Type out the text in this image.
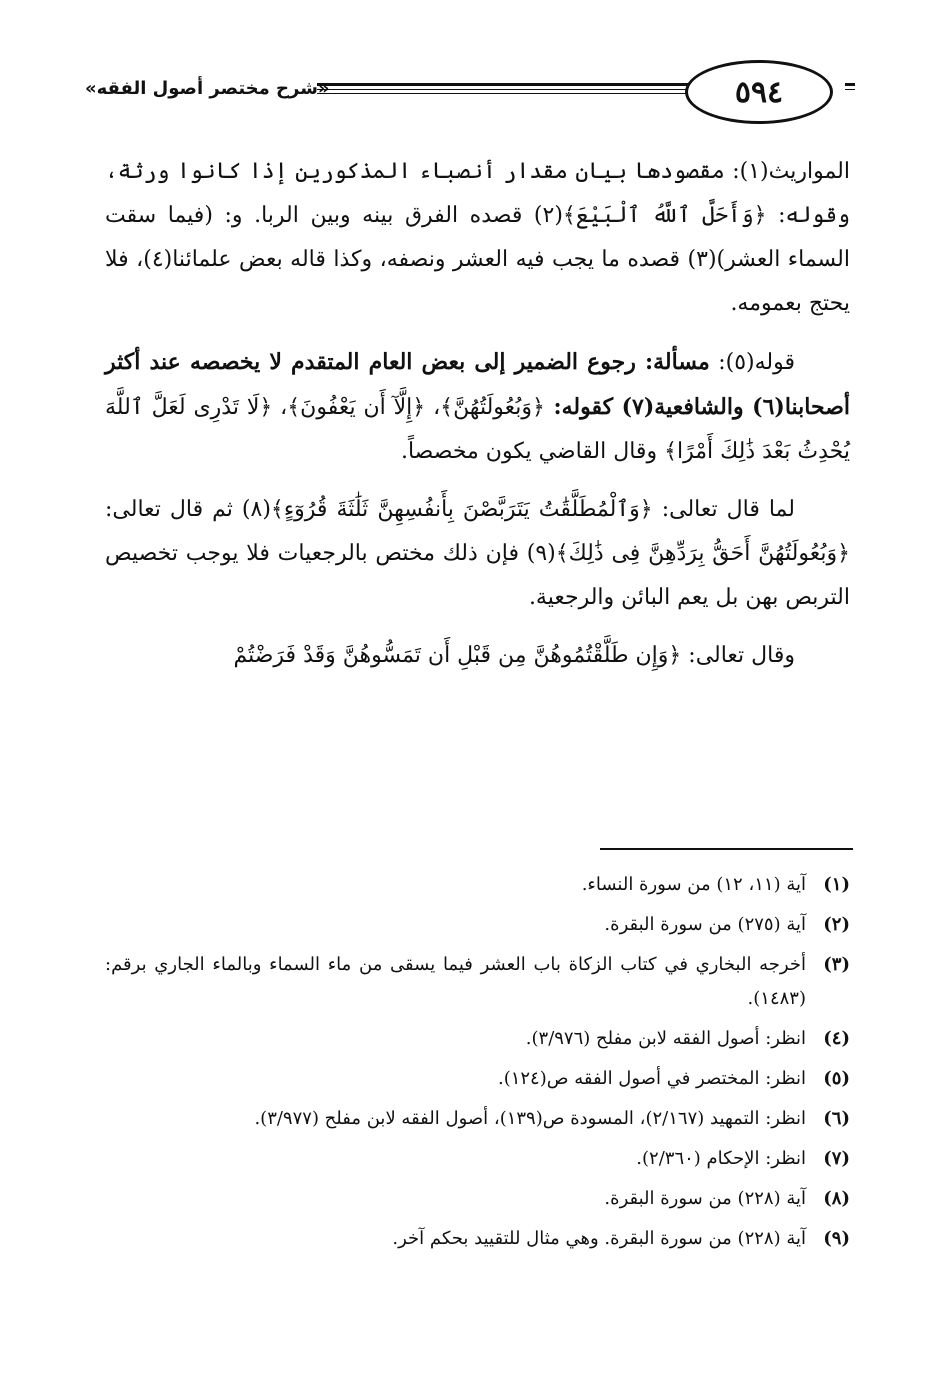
«شرح مختصر أصول الفقه»	٥٩٤

المواريث(١): مقصودها بيان مقدار أنصباء المذكورين إذا كانوا ورثة، وقوله: ﴿وَأَحَلَّ ٱللَّهُ ٱلْبَيْعَ﴾(٢) قصده الفرق بينه وبين الربا. و: (فيما سقت السماء العشر)(٣) قصده ما يجب فيه العشر ونصفه، وكذا قاله بعض علمائنا(٤)، فلا يحتج بعمومه.

قوله(٥): مسألة: رجوع الضمير إلى بعض العام المتقدم لا يخصصه عند أكثر أصحابنا(٦) والشافعية(٧) كقوله: ﴿وَبُعُولَتُهُنَّ﴾، ﴿إِلَّآ أَن يَعْفُونَ﴾، ﴿لَا تَدْرِى لَعَلَّ ٱللَّهَ يُحْدِثُ بَعْدَ ذَٰلِكَ أَمْرًا﴾ وقال القاضي يكون مخصصاً.

لما قال تعالى: ﴿وَٱلْمُطَلَّقَٰتُ يَتَرَبَّصْنَ بِأَنفُسِهِنَّ ثَلَٰثَةَ قُرُوٓءٍ﴾(٨) ثم قال تعالى: ﴿وَبُعُولَتُهُنَّ أَحَقُّ بِرَدِّهِنَّ فِى ذَٰلِكَ﴾(٩) فإن ذلك مختص بالرجعيات فلا يوجب تخصيص التربص بهن بل يعم البائن والرجعية.

وقال تعالى: ﴿وَإِن طَلَّقْتُمُوهُنَّ مِن قَبْلِ أَن تَمَسُّوهُنَّ وَقَدْ فَرَضْتُمْ

(١)
آية (١١، ١٢) من سورة النساء.
(٢)
آية (٢٧٥) من سورة البقرة.
(٣)
أخرجه البخاري في كتاب الزكاة باب العشر فيما يسقى من ماء السماء وبالماء الجاري برقم: (١٤٨٣).
(٤)
انظر: أصول الفقه لابن مفلح (٣/٩٧٦).
(٥)
انظر: المختصر في أصول الفقه ص(١٢٤).
(٦)
انظر: التمهيد (٢/١٦٧)، المسودة ص(١٣٩)، أصول الفقه لابن مفلح (٣/٩٧٧).
(٧)
انظر: الإحكام (٢/٣٦٠).
(٨)
آية (٢٢٨) من سورة البقرة.
(٩)
آية (٢٢٨) من سورة البقرة. وهي مثال للتقييد بحكم آخر.
